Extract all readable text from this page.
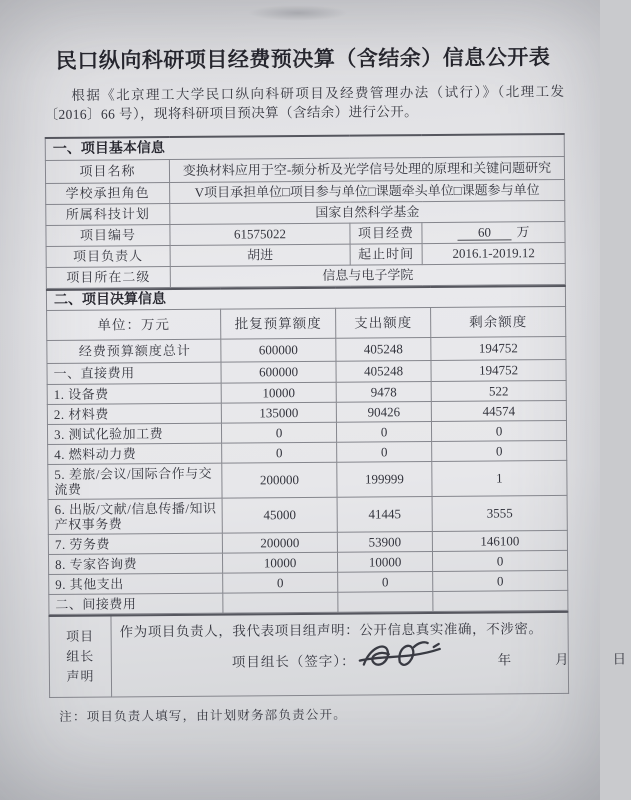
民口纵向科研项目经费预决算（含结余）信息公开表

根据《北京理工大学民口纵向科研项目及经费管理办法（试行）》（北理工发〔2016〕66 号），现将科研项目预决算（含结余）进行公开。

一、项目基本信息			
项目名称	变换材料应用于空-频分析及光学信号处理的原理和关键问题研究		
学校承担角色	V项目承担单位□项目参与单位□课题牵头单位□课题参与单位		
所属科技计划	国家自然科学基金		
项目编号	61575022	项目经费	60 万
项目负责人	胡进	起止时间	2016.1-2019.12
项目所在二级	信息与电子学院		
二、项目决算信息			
单位：万元	批复预算额度	支出额度	剩余额度
经费预算额度总计	600000	405248	194752
一、直接费用	600000	405248	194752
1. 设备费	10000	9478	522
2. 材料费	135000	90426	44574
3. 测试化验加工费	0	0	0
4. 燃料动力费	0	0	0
5. 差旅/会议/国际合作与交流费	200000	199999	1
6. 出版/文献/信息传播/知识产权事务费	45000	41445	3555
7. 劳务费	200000	53900	146100
8. 专家咨询费	10000	10000	0
9. 其他支出	0	0	0
二、间接费用			
项目
组长
声明

作为项目负责人，我代表项目组声明：公开信息真实准确，不涉密。

项目组长（签字）：	年	月	日

注：项目负责人填写，由计划财务部负责公开。
